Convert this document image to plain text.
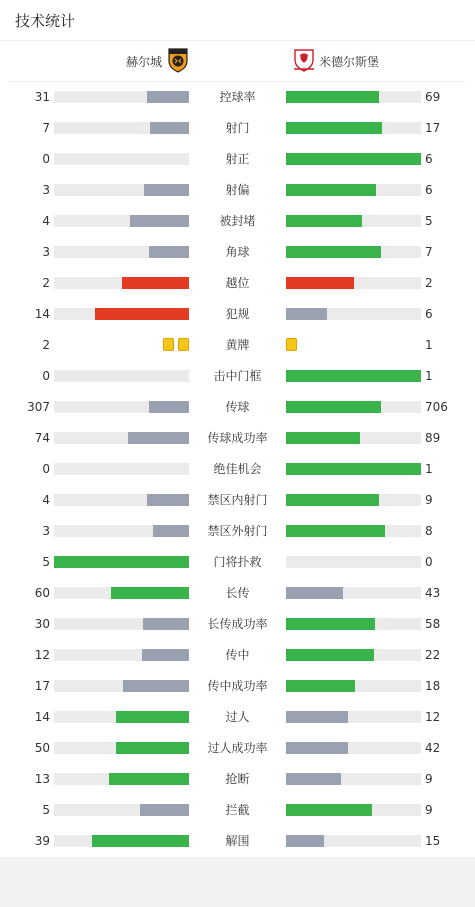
技术统计
赫尔城	米德尔斯堡
31	控球率	69
7	射门	17
0	射正	6
3	射偏	6
4	被封堵	5
3	角球	7
2	越位	2
14	犯规	6
2	黄牌	1
0	击中门框	1
307	传球	706
74	传球成功率	89
0	绝佳机会	1
4	禁区内射门	9
3	禁区外射门	8
5	门将扑救	0
60	长传	43
30	长传成功率	58
12	传中	22
17	传中成功率	18
14	过人	12
50	过人成功率	42
13	抢断	9
5	拦截	9
39	解围	15
